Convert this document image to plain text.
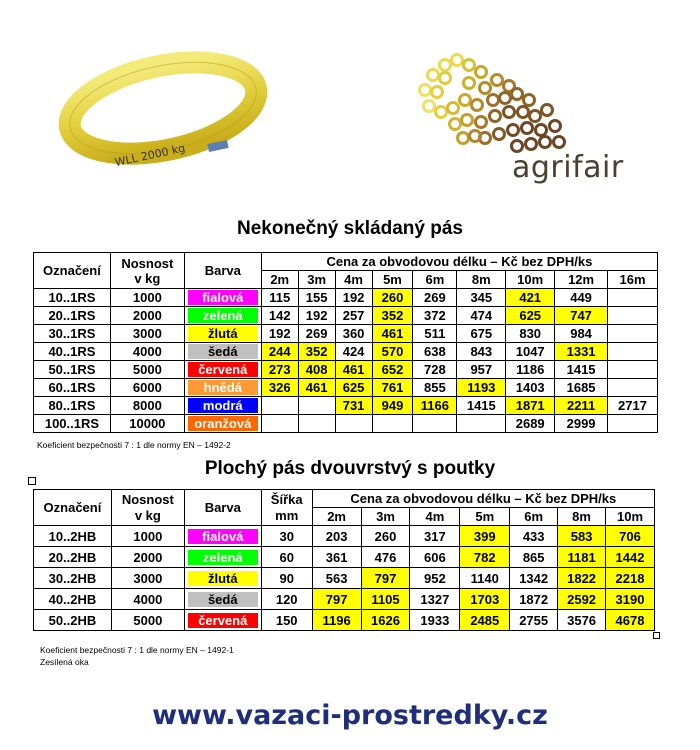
WLL 2000 kg	agrifair
Nekonečný skládaný pás
Označení	Nosnost
v kg	Barva	Cena za obvodovou délku – Kč bez DPH/ks								
			2m	3m	4m	5m	6m	8m	10m	12m	16m
10..1RS	1000	fialová	115	155	192	260	269	345	421	449	
20..1RS	2000	zelená	142	192	257	352	372	474	625	747	
30..1RS	3000	žlutá	192	269	360	461	511	675	830	984	
40..1RS	4000	šedá	244	352	424	570	638	843	1047	1331	
50..1RS	5000	červená	273	408	461	652	728	957	1186	1415	
60..1RS	6000	hnědá	326	461	625	761	855	1193	1403	1685	
80..1RS	8000	modrá			731	949	1166	1415	1871	2211	2717
100..1RS	10000	oranžová							2689	2999	
Koeficient bezpečnosti 7 : 1 dle normy EN – 1492-2
Plochý pás dvouvrstvý s poutky
Označení	Nosnost
v kg	Barva	Šířka
mm	Cena za obvodovou délku – Kč bez DPH/ks						
				2m	3m	4m	5m	6m	8m	10m
10..2HB	1000	fialová	30	203	260	317	399	433	583	706
20..2HB	2000	zelená	60	361	476	606	782	865	1181	1442
30..2HB	3000	žlutá	90	563	797	952	1140	1342	1822	2218
40..2HB	4000	šedá	120	797	1105	1327	1703	1872	2592	3190
50..2HB	5000	červená	150	1196	1626	1933	2485	2755	3576	4678
Koeficient bezpečnosti 7 : 1 dle normy EN – 1492-1
Zesílená oka
www.vazaci-prostredky.cz
